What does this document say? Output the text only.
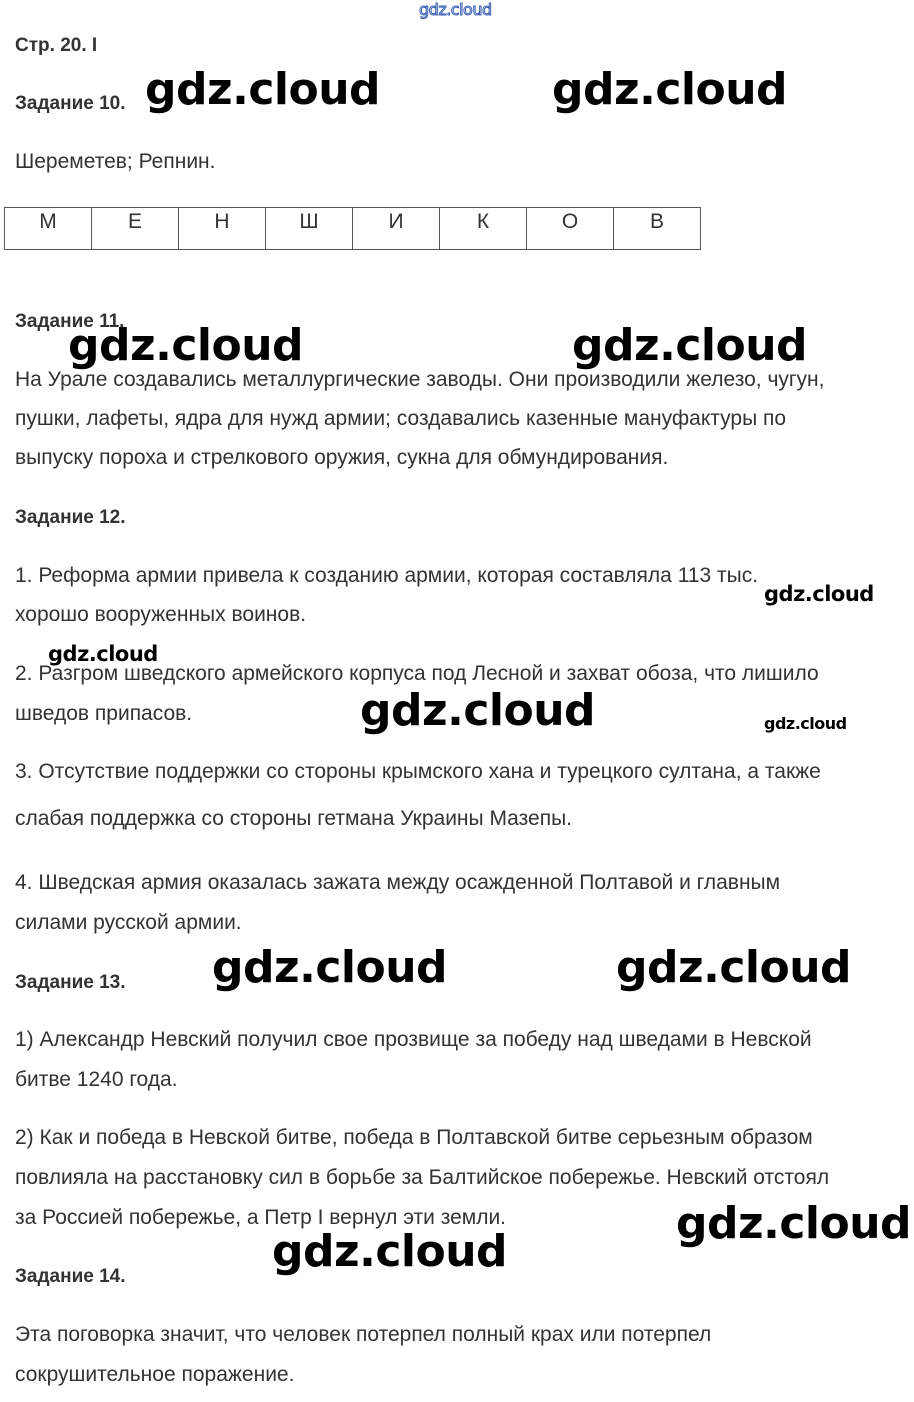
gdz.cloud
Стр. 20. I
Задание 10.
Шереметев; Репнин.
М	Е	Н	Ш	И	К	О	В
Задание 11.
На Урале создавались металлургические заводы. Они производили железо, чугун,
пушки, лафеты, ядра для нужд армии; создавались казенные мануфактуры по
выпуску пороха и стрелкового оружия, сукна для обмундирования.
Задание 12.
1. Реформа армии привела к созданию армии, которая составляла 113 тыс.
хорошо вооруженных воинов.
2. Разгром шведского армейского корпуса под Лесной и захват обоза, что лишило
шведов припасов.
3. Отсутствие поддержки со стороны крымского хана и турецкого султана, а также
слабая поддержка со стороны гетмана Украины Мазепы.
4. Шведская армия оказалась зажата между осажденной Полтавой и главным
силами русской армии.
Задание 13.
1) Александр Невский получил свое прозвище за победу над шведами в Невской
битве 1240 года.
2) Как и победа в Невской битве, победа в Полтавской битве серьезным образом
повлияла на расстановку сил в борьбе за Балтийское побережье. Невский отстоял
за Россией побережье, а Петр I вернул эти земли.
Задание 14.
Эта поговорка значит, что человек потерпел полный крах или потерпел
сокрушительное поражение.
gdz.cloud	gdz.cloud
gdz.cloud	gdz.cloud
gdz.cloud
gdz.cloud
gdz.cloud	gdz.cloud
gdz.cloud	gdz.cloud
gdz.cloud
gdz.cloud
